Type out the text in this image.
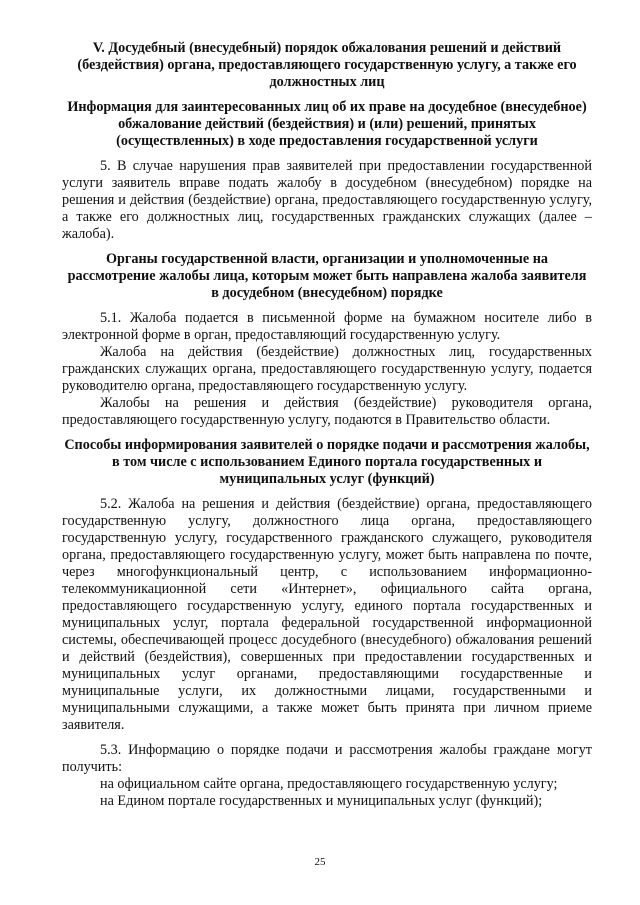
V. Досудебный (внесудебный) порядок обжалования решений и действий (бездействия) органа, предоставляющего государственную услугу, а также его должностных лиц
Информация для заинтересованных лиц об их праве на досудебное (внесудебное) обжалование действий (бездействия) и (или) решений, принятых (осуществленных) в ходе предоставления государственной услуги

5. В случае нарушения прав заявителей при предоставлении государственной услуги заявитель вправе подать жалобу в досудебном (внесудебном) порядке на решения и действия (бездействие) органа, предоставляющего государственную услугу, а также его должностных лиц, государственных гражданских служащих (далее – жалоба).

Органы государственной власти, организации и уполномоченные на рассмотрение жалобы лица, которым может быть направлена жалоба заявителя в досудебном (внесудебном) порядке

5.1. Жалоба подается в письменной форме на бумажном носителе либо в электронной форме в орган, предоставляющий государственную услугу.

Жалоба на действия (бездействие) должностных лиц, государственных гражданских служащих органа, предоставляющего государственную услугу, подается руководителю органа, предоставляющего государственную услугу.

Жалобы на решения и действия (бездействие) руководителя органа, предоставляющего государственную услугу, подаются в Правительство области.

Способы информирования заявителей о порядке подачи и рассмотрения жалобы, в том числе с использованием Единого портала государственных и муниципальных услуг (функций)

5.2. Жалоба на решения и действия (бездействие) органа, предоставляющего государственную услугу, должностного лица органа, предоставляющего государственную услугу, государственного гражданского служащего, руководителя органа, предоставляющего государственную услугу, может быть направлена по почте, через многофункциональный центр, с использованием информационно-телекоммуникационной сети «Интернет», официального сайта органа, предоставляющего государственную услугу, единого портала государственных и муниципальных услуг, портала федеральной государственной информационной системы, обеспечивающей процесс досудебного (внесудебного) обжалования решений и действий (бездействия), совершенных при предоставлении государственных и муниципальных услуг органами, предоставляющими государственные и муниципальные услуги, их должностными лицами, государственными и муниципальными служащими, а также может быть принята при личном приеме заявителя.

5.3. Информацию о порядке подачи и рассмотрения жалобы граждане могут получить:

на официальном сайте органа, предоставляющего государственную услугу;

на Едином портале государственных и муниципальных услуг (функций);

25
